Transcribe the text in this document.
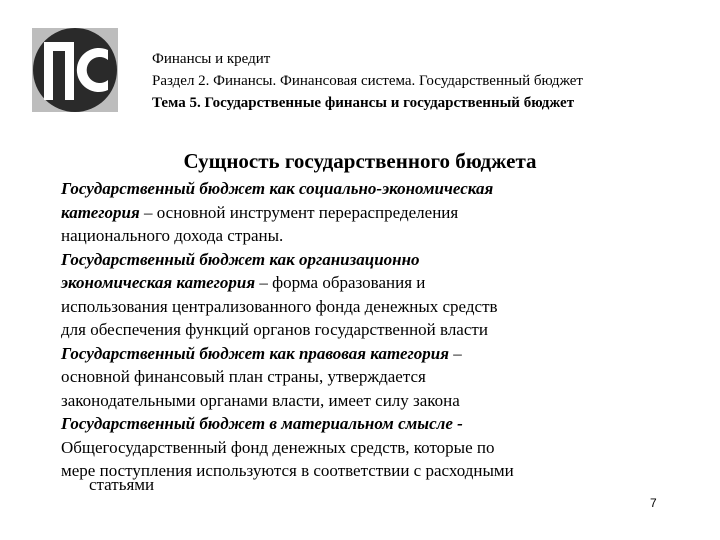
Финансы и кредит
Раздел 2. Финансы. Финансовая система. Государственный бюджет
Тема 5. Государственные финансы и государственный бюджет
Сущность государственного бюджета
Государственный бюджет как социально-экономическая
категория – основной инструмент перераспределения
национального дохода страны.
Государственный бюджет как организационно
экономическая категория – форма образования и
использования централизованного фонда денежных средств
для обеспечения функций органов государственной власти
Государственный бюджет как правовая категория –
основной финансовый план страны, утверждается
законодательными органами власти, имеет силу закона
Государственный бюджет в материальном смысле -
Общегосударственный фонд денежных средств, которые по
мере поступления используются в соответствии с расходными
статьями
7
